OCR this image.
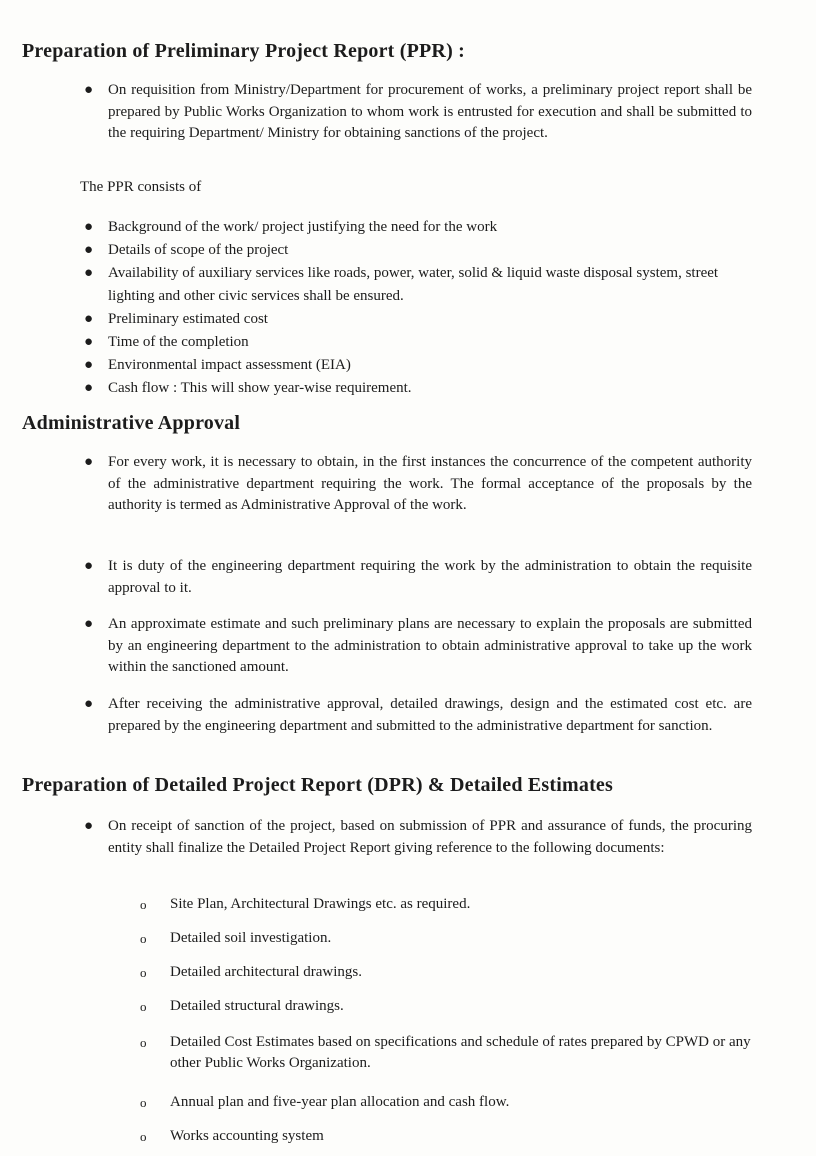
Preparation of Preliminary Project Report (PPR) :
● On requisition from Ministry/Department for procurement of works, a preliminary project report shall be prepared by Public Works Organization to whom work is entrusted for execution and shall be submitted to the requiring Department/ Ministry for obtaining sanctions of the project.
The PPR consists of
● Background of the work/ project justifying the need for the work
● Details of scope of the project
● Availability of auxiliary services like roads, power, water, solid & liquid waste disposal system, street lighting and other civic services shall be ensured.
● Preliminary estimated cost
● Time of the completion
● Environmental impact assessment (EIA)
● Cash flow : This will show year-wise requirement.
Administrative Approval
● For every work, it is necessary to obtain, in the first instances the concurrence of the competent authority of the administrative department requiring the work. The formal acceptance of the proposals by the authority is termed as Administrative Approval of the work.
● It is duty of the engineering department requiring the work by the administration to obtain the requisite approval to it.
● An approximate estimate and such preliminary plans are necessary to explain the proposals are submitted by an engineering department to the administration to obtain administrative approval to take up the work within the sanctioned amount.
● After receiving the administrative approval, detailed drawings, design and the estimated cost etc. are prepared by the engineering department and submitted to the administrative department for sanction.
Preparation of Detailed Project Report (DPR) & Detailed Estimates
● On receipt of sanction of the project, based on submission of PPR and assurance of funds, the procuring entity shall finalize the Detailed Project Report giving reference to the following documents:
o Site Plan, Architectural Drawings etc. as required.
o Detailed soil investigation.
o Detailed architectural drawings.
o Detailed structural drawings.
o Detailed Cost Estimates based on specifications and schedule of rates prepared by CPWD or any other Public Works Organization.
o Annual plan and five-year plan allocation and cash flow.
o Works accounting system
